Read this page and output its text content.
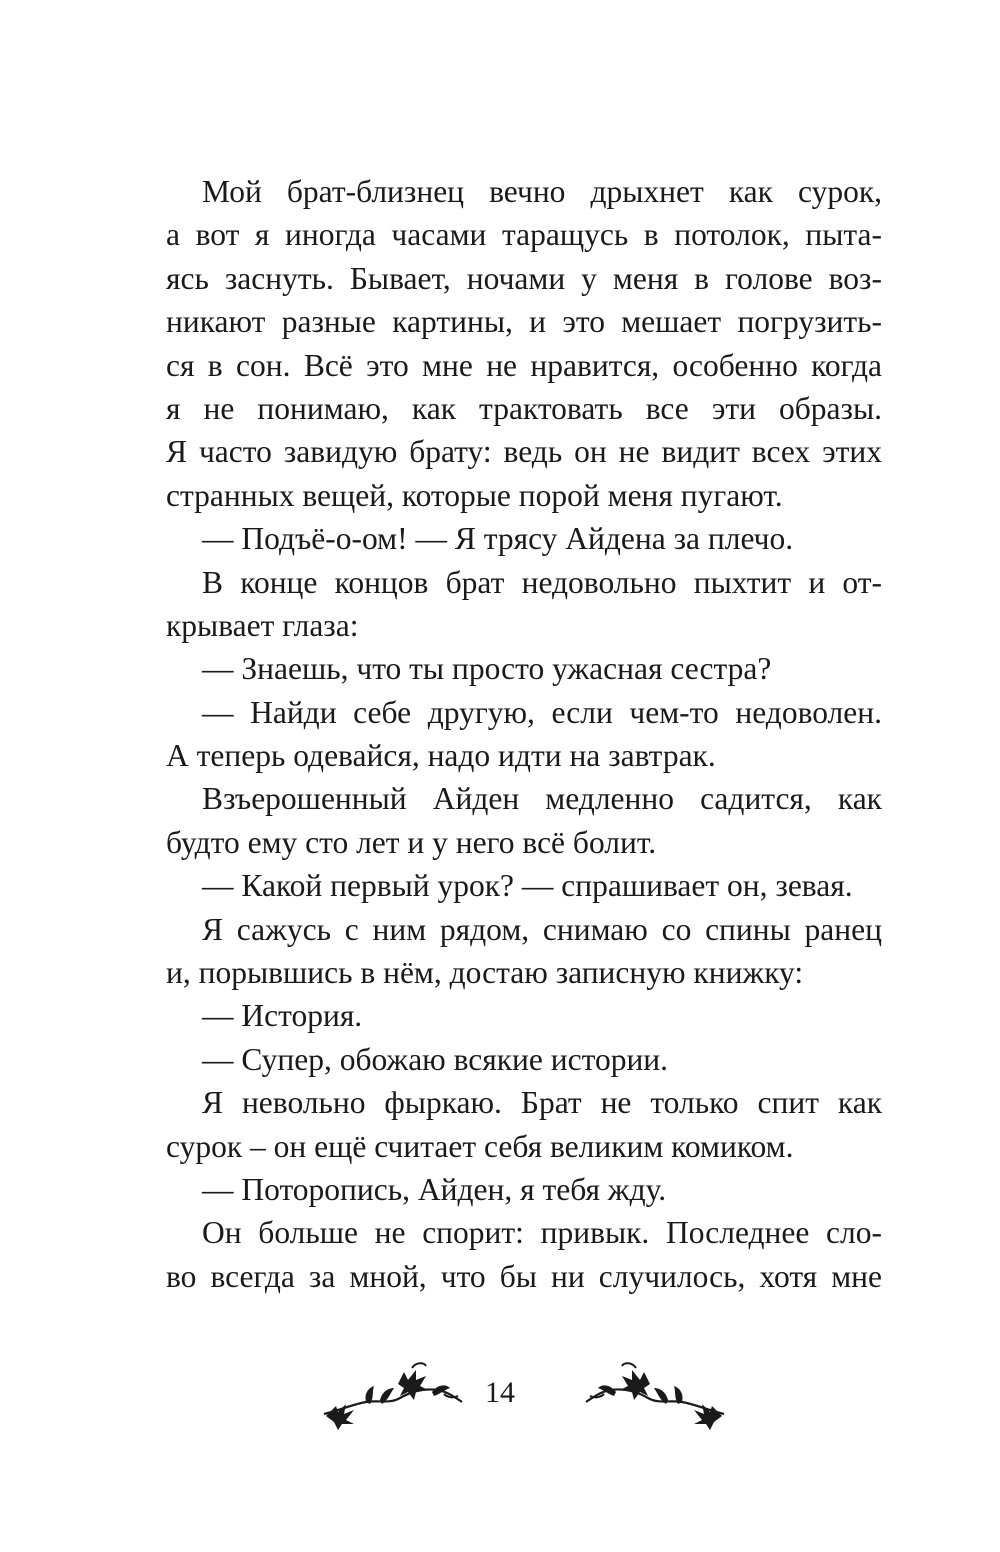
Мой брат-близнец вечно дрыхнет как сурок,
а вот я иногда часами таращусь в потолок, пыта-
ясь заснуть. Бывает, ночами у меня в голове воз-
никают разные картины, и это мешает погрузить-
ся в сон. Всё это мне не нравится, особенно когда
я не понимаю, как трактовать все эти образы.
Я часто завидую брату: ведь он не видит всех этих
странных вещей, которые порой меня пугают.
— Подъё-о-ом! — Я трясу Айдена за плечо.
В конце концов брат недовольно пыхтит и от-
крывает глаза:
— Знаешь, что ты просто ужасная сестра?
— Найди себе другую, если чем-то недоволен.
А теперь одевайся, надо идти на завтрак.
Взъерошенный Айден медленно садится, как
будто ему сто лет и у него всё болит.
— Какой первый урок? — спрашивает он, зевая.
Я сажусь с ним рядом, снимаю со спины ранец
и, порывшись в нём, достаю записную книжку:
— История.
— Супер, обожаю всякие истории.
Я невольно фыркаю. Брат не только спит как
сурок – он ещё считает себя великим комиком.
— Поторопись, Айден, я тебя жду.
Он больше не спорит: привык. Последнее сло-
во всегда за мной, что бы ни случилось, хотя мне
14
